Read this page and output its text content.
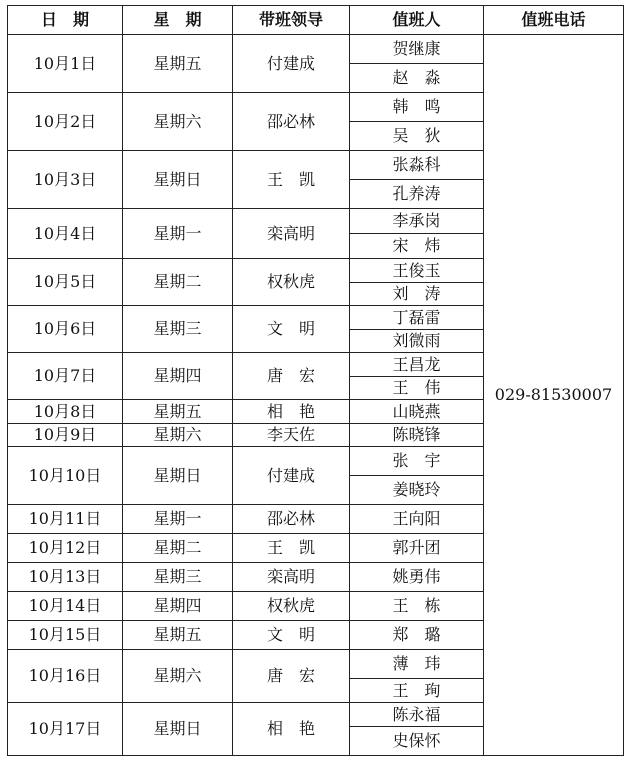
日　期	星　期	带班领导	值班人	值班电话
10月1日	星期五	付建成	贺继康	029-81530007
			赵　淼	
10月2日	星期六	邵必林	韩　鸣	
			吴　狄	
10月3日	星期日	王　凯	张淼科	
			孔养涛	
10月4日	星期一	栾高明	李承岗	
			宋　炜	
10月5日	星期二	权秋虎	王俊玉	
			刘　涛	
10月6日	星期三	文　明	丁磊雷	
			刘微雨	
10月7日	星期四	唐　宏	王昌龙	
			王　伟	
10月8日	星期五	相　艳	山晓燕	
10月9日	星期六	李天佐	陈晓锋	
10月10日	星期日	付建成	张　宇	
			姜晓玲	
10月11日	星期一	邵必林	王向阳	
10月12日	星期二	王　凯	郭升团	
10月13日	星期三	栾高明	姚勇伟	
10月14日	星期四	权秋虎	王　栋	
10月15日	星期五	文　明	郑　璐	
10月16日	星期六	唐　宏	薄　玮	
			王　珣	
10月17日	星期日	相　艳	陈永福	
			史保怀	
